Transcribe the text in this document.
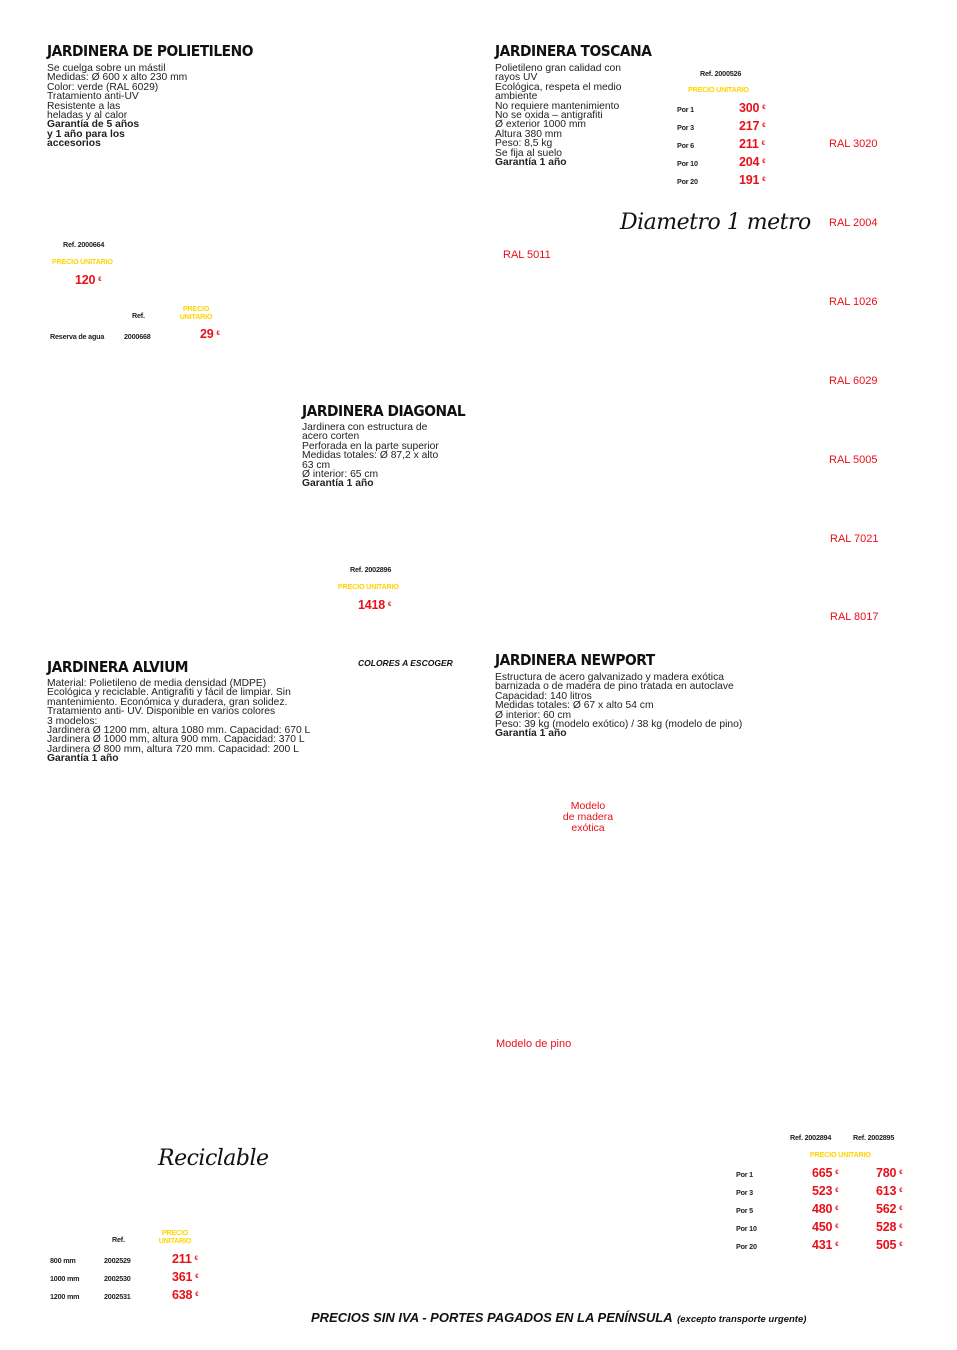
JARDINERA DE POLIETILENO
Se cuelga sobre un mástil
Medidas: Ø 600 x alto 230 mm
Color: verde (RAL 6029)
Tratamiento anti-UV
Resistente a las
heladas y al calor
Garantía de 5 años
y 1 año para los
accesorios
Ref. 2000664
PRECIO UNITARIO
120 €
Ref.
PRECIO
UNITARIO
Reserva de agua	2000668	29 €
JARDINERA TOSCANA
Polietileno gran calidad con
rayos UV
Ecológica, respeta el medio
ambiente
No requiere mantenimiento
No se oxida – antigrafiti
Ø exterior 1000 mm
Altura 380 mm
Peso: 8,5 kg
Se fija al suelo
Garantía 1 año
Ref. 2000526
PRECIO UNITARIO
Por 1	300 €
Por 3	217 €
Por 6	211 €
Por 10	204 €
Por 20	191 €
Diametro 1 metro
RAL 3020
RAL 2004
RAL 1026
RAL 6029
RAL 5005
RAL 7021
RAL 8017
RAL 5011
JARDINERA DIAGONAL
Jardinera con estructura de
acero corten
Perforada en la parte superior
Medidas totales: Ø 87,2 x alto
63 cm
Ø interior: 65 cm
Garantía 1 año
Ref. 2002896
PRECIO UNITARIO
1418 €
JARDINERA ALVIUM	COLORES A ESCOGER
Material: Polietileno de media densidad (MDPE)
Ecológica y reciclable. Antigrafiti y fácil de limpiar. Sin
mantenimiento. Económica y duradera, gran solidez.
Tratamiento anti- UV. Disponible en varios colores
3 modelos:
Jardinera Ø 1200 mm, altura 1080 mm. Capacidad: 670 L
Jardinera Ø 1000 mm, altura 900 mm. Capacidad: 370 L
Jardinera Ø 800 mm, altura 720 mm. Capacidad: 200 L
Garantía 1 año
Reciclable
Ref.
PRECIO
UNITARIO
800 mm	2002529	211 €
1000 mm	2002530	361 €
1200 mm	2002531	638 €
JARDINERA NEWPORT
Estructura de acero galvanizado y madera exótica
barnizada o de madera de pino tratada en autoclave
Capacidad: 140 litros
Medidas totales: Ø 67 x alto 54 cm
Ø interior: 60 cm
Peso: 39 kg (modelo exótico) / 38 kg (modelo de pino)
Garantía 1 año
Modelo
de madera
exótica
Modelo de pino
Ref. 2002894	Ref. 2002895
PRECIO UNITARIO
Por 1	665 €	780 €
Por 3	523 €	613 €
Por 5	480 €	562 €
Por 10	450 €	528 €
Por 20	431 €	505 €
PRECIOS SIN IVA - PORTES PAGADOS EN LA PENÍNSULA (excepto transporte urgente)
